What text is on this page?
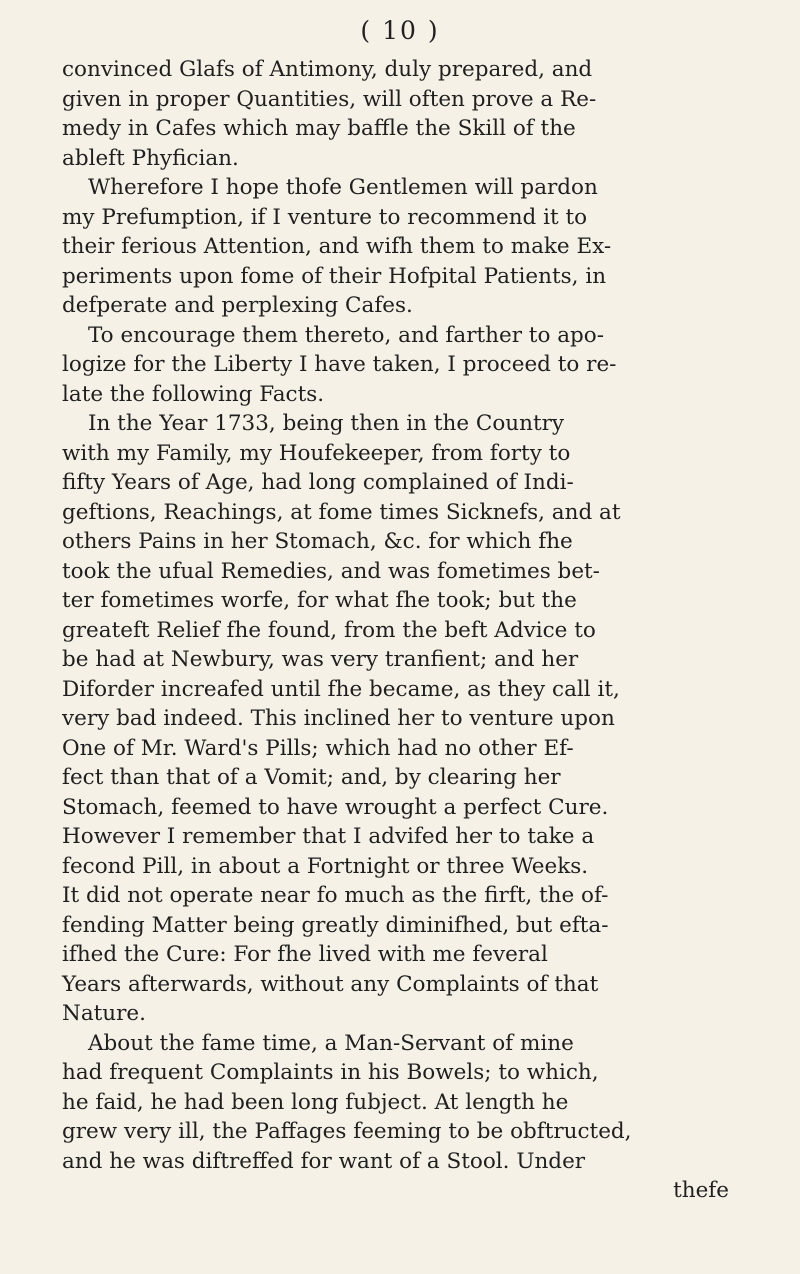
( 10 )
convinced Glafs of Antimony, duly prepared, and
given in proper Quantities, will often prove a Re-
medy in Cafes which may baffle the Skill of the
ableft Phyfician.
Wherefore I hope thofe Gentlemen will pardon
my Prefumption, if I venture to recommend it to
their ferious Attention, and wifh them to make Ex-
periments upon fome of their Hofpital Patients, in
defperate and perplexing Cafes.
To encourage them thereto, and farther to apo-
logize for the Liberty I have taken, I proceed to re-
late the following Facts.
In the Year 1733, being then in the Country
with my Family, my Houfekeeper, from forty to
fifty Years of Age, had long complained of Indi-
geftions, Reachings, at fome times Sicknefs, and at
others Pains in her Stomach, &c. for which fhe
took the ufual Remedies, and was fometimes bet-
ter fometimes worfe, for what fhe took; but the
greateft Relief fhe found, from the beft Advice to
be had at Newbury, was very tranfient; and her
Diforder increafed until fhe became, as they call it,
very bad indeed. This inclined her to venture upon
One of Mr. Ward's Pills; which had no other Ef-
fect than that of a Vomit; and, by clearing her
Stomach, feemed to have wrought a perfect Cure.
However I remember that I advifed her to take a
fecond Pill, in about a Fortnight or three Weeks.
It did not operate near fo much as the firft, the of-
fending Matter being greatly diminifhed, but efta-
ifhed the Cure: For fhe lived with me feveral
Years afterwards, without any Complaints of that
Nature.
About the fame time, a Man-Servant of mine
had frequent Complaints in his Bowels; to which,
he faid, he had been long fubject. At length he
grew very ill, the Paffages feeming to be obftructed,
and he was diftreffed for want of a Stool. Under
thefe
